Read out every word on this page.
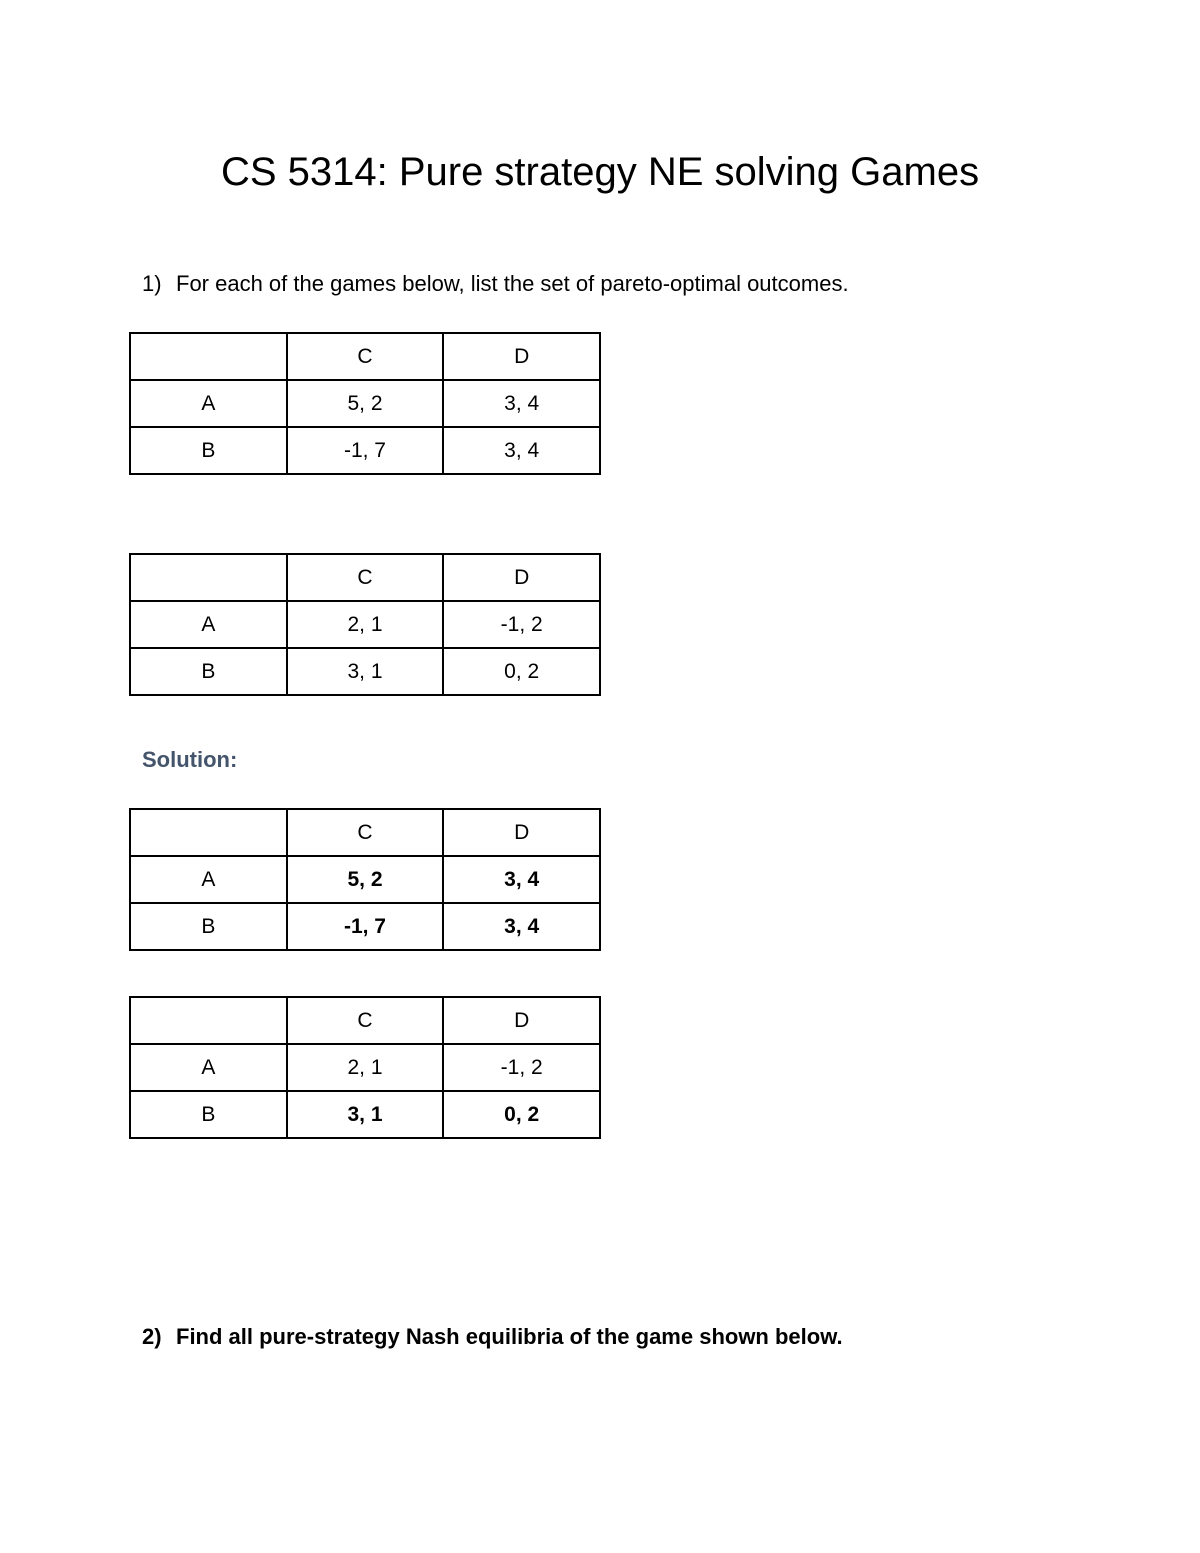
CS 5314: Pure strategy NE solving Games
1) For each of the games below, list the set of pareto-optimal outcomes.
	C	D
A	5, 2	3, 4
B	-1, 7	3, 4
	C	D
A	2, 1	-1, 2
B	3, 1	0, 2
Solution:
	C	D
A	5, 2	3, 4
B	-1, 7	3, 4
	C	D
A	2, 1	-1, 2
B	3, 1	0, 2
2) Find all pure-strategy Nash equilibria of the game shown below.
